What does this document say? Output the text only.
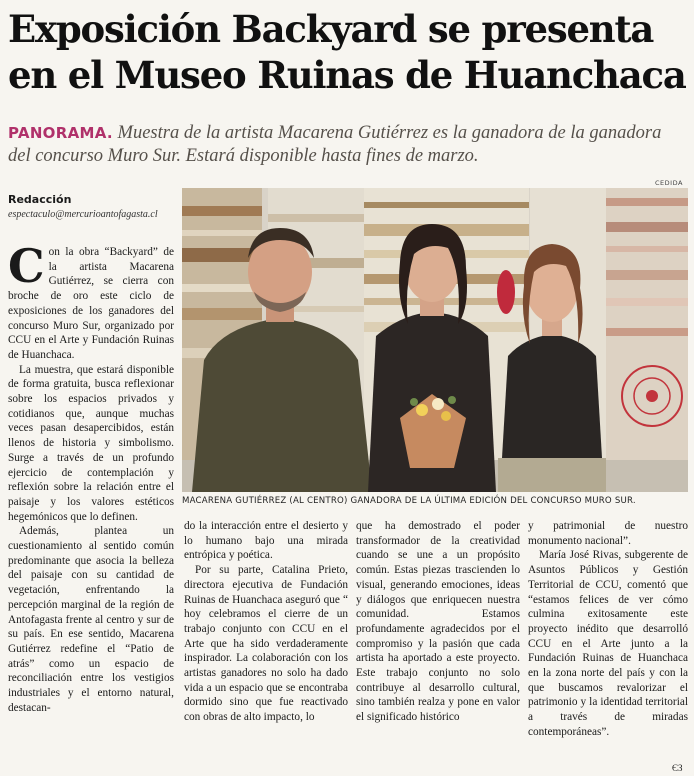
Exposición Backyard se presenta en el Museo Ruinas de Huanchaca

PANORAMA. Muestra de la artista Macarena Gutiérrez es la ganadora de la ganadora del concurso Muro Sur. Estará disponible hasta fines de marzo.

Redacción
espectaculo@mercurioantofagasta.cl
C on la obra “Backyard” de la artista Macarena Gutiérrez, se cierra con broche de oro este ciclo de exposiciones de los ganadores del concurso Muro Sur, organizado por CCU en el Arte y Fundación Ruinas de Huanchaca.

La muestra, que estará disponible de forma gratuita, busca reflexionar sobre los espacios privados y cotidianos que, aunque muchas veces pasan desapercibidos, están llenos de historia y simbolismo. Surge a través de un profundo ejercicio de contemplación y reflexión sobre la relación entre el paisaje y los valores estéticos hegemónicos que lo definen.

Además, plantea un cuestionamiento al sentido común predominante que asocia la belleza del paisaje con su cantidad de vegetación, enfrentando la percepción marginal de la región de Antofagasta frente al centro y sur de su país. En ese sentido, Macarena Gutiérrez redefine el “Patio de atrás” como un espacio de reconciliación entre los vestigios industriales y el entorno natural, destacan-

CEDIDA
MACARENA GUTIÉRREZ (AL CENTRO) GANADORA DE LA ÚLTIMA EDICIÓN DEL CONCURSO MURO SUR.

do la interacción entre el desierto y lo humano bajo una mirada entrópica y poética.

Por su parte, Catalina Prieto, directora ejecutiva de Fundación Ruinas de Huanchaca aseguró que “ hoy celebramos el cierre de un trabajo conjunto con CCU en el Arte que ha sido verdaderamente inspirador. La colaboración con los artistas ganadores no solo ha dado vida a un espacio que se encontraba dormido sino que fue reactivado con obras de alto impacto, lo

que ha demostrado el poder transformador de la creatividad cuando se une a un propósito común. Estas piezas trascienden lo visual, generando emociones, ideas y diálogos que enriquecen nuestra comunidad. Estamos profundamente agradecidos por el compromiso y la pasión que cada artista ha aportado a este proyecto. Este trabajo conjunto no solo contribuye al desarrollo cultural, sino también realza y pone en valor el significado histórico

y patrimonial de nuestro monumento nacional”.

María José Rivas, subgerente de Asuntos Públicos y Gestión Territorial de CCU, comentó que “estamos felices de ver cómo culmina exitosamente este proyecto inédito que desarrolló CCU en el Arte junto a la Fundación Ruinas de Huanchaca en la zona norte del país y con la que buscamos revalorizar el patrimonio y la identidad territorial a través de miradas contemporáneas”.

ЄЗ
